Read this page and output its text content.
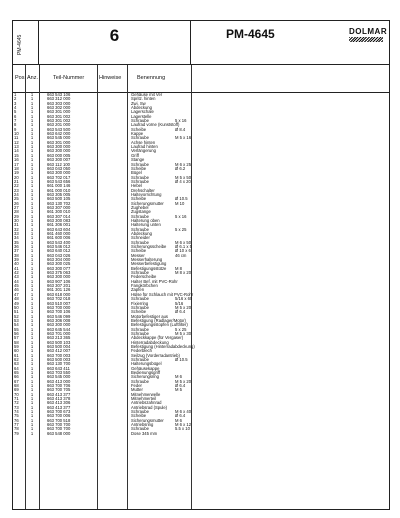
PM-4645	6	PM-4645	DOLMAR
Pos. Anz.	Teil-Nummer	Hinweise	Benennung
1	1	663 543 106	Gehäuse mit Ver
2	1	663 312 000	Spritz. hinten
3	1	663 303 000	Zwi. Sw
4	1	663 302 000	Abdeckung
5	1	663 301 000	Lagerschale
6	1	663 301 002	Lagerstelle
7	1	663 301 002	Schraube	5 x 16
8	1	663 201 000	Laufrad vorne (Kunststoff)
9	1	663 543 500	Scheibe	Ø 8.4
10	1	663 642 000	Kappe
11	1	663 545 000	Schraube	M 5 x 16
12	1	663 301 000	Achse hinten
13	1	663 300 000	Laufrad hinten
14	1	663 300 000	Verlängerung
15	1	663 000 005	Griff
16	1	663 300 007	Stange
17	1	663 112 100	Schraube	M 6 x 25
18	1	663 043 050	Scheibe	Ø 6.2
19	1	663 300 000	Bügel
20	1	663 702 017	Schraube	M 5 x 50
21	1	663 543 656	Schraube	Ø 4 x 20
22	1	661 000 146	Hebel
23	1	661 000 010	Drehschalter
24	1	663 305 005	Haltevorrichtung
25	1	663 500 105	Scheibe	Ø 10.5
26	1	663 130 702	Sicherungsmutter	M 10
27	1	663 307 000	Zughebel
28	1	661 300 010	Zugstange
29	1	663 307 014	Schraube	5 x 16
30	1	663 300 083	Halterung oben
31	1	661 306 001	Halterung unten
32	1	663 643 604	Schraube	5 x 25
33	1	661 460 000	Abdeckung
34	1	661 600 006	Schneider
35	1	663 543 400	Schraube	M 6 x 50
36	1	663 546 012	Sicherungsscheibe Ø 6.1 x 5
37	1	663 640 012	Scheibe	Ø 10 x 6
38	1	663 043 026	Messer	46 cm
39	1	663 304 000	Messerhalterung
40	1	663 300 025	Messerbefestigung
41	1	663 300 077	Befestigungsstütze M 8
42	1	663 375 063	Schraube	M 8 x 20
43	1	663 300 000	Federscheibe
44	1	663 907 106	Halter Bef. mit PVC-Rohr
45	1	663 307 201	Fangkörbchen
46	1	661 301 126	Zapfen
47	1	663 618 000	Hülse für Schlauch mit PVC-Rohr
48	1	663 702 018	Schraube	5/16 x 60
49	1	663 510 007	Fixierring	5/16
50	1	663 700 000	Schraube	M 5 x 20
51	1	663 700 106	Scheibe	Ø 6.4
52	1	663 546 099	Motorbefestiger aus
53	1	663 306 008	Befestigung (Radlager/Motor)
54	1	663 300 000	Befestigungsstopfen (Luftfilter)
55	1	663 645 544	Schraube	5 x 25
56	1	663 701 000	Schraube	M 5 x 30
57	1	663 213 365	Abdeckkappe (für Vergaser)
58	1	663 500 103	Hinterradabdeckung
59	1	663 500 004	Befestigung (Hinterradabdeckung)
60	1	663 412 007	Federblech
61	1	663 700 003	Seilzug (Vorderradantrieb)
62	1	663 500 003	Schraube	Ø 10.5
63	1	663 130 700	Halterungsbügel
64	1	663 643 411	Gehäusekappe
65	1	663 703 550	Bedienungsgriff
66	1	663 545 000	Sicherungsring	M 6
67	1	663 413 000	Schraube	M 5 x 20
68	1	663 700 706	Feder	Ø 6.4
69	1	663 700 705	Mutter	M 5
70	1	663 413 377	Mitnehmerwelle
71	1	663 413 378	Mitnehmerteil
72	1	663 413 306	Antriebszahnrad
73	1	663 413 377	Antriebsrad (Spule)
74	1	663 700 673	Schraube	M 6 x 40
75	1	663 700 006	Scheibe	Ø 6.4
76	1	663 700 518	Sicherungsmutter	M 6
77	1	663 700 700	Antriebsring	M 6 x 12
78	1	663 700 700	Schraube	5.5 x 10
79	1	663 548 000	Dose 345 mm
